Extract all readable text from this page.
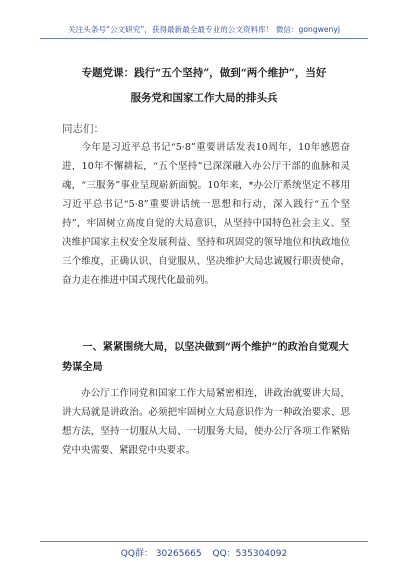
关注头条号“公文研究”，获得最新最全最专业的公文资料库！ 微信：gongwenyj
专题党课：践行“五个坚持”，做到“两个维护”，当好
服务党和国家工作大局的排头兵
同志们：
今年是习近平总书记“5·8”重要讲话发表10周年，10年感恩奋进，10年不懈耕耘，“五个坚持”已深深融入办公厅干部的血脉和灵魂，“三服务”事业呈现崭新面貌。10年来，*办公厅系统坚定不移用习近平总书记“5·8”重要讲话统一思想和行动，深入践行“五个坚持”，牢固树立高度自觉的大局意识，从坚持中国特色社会主义、坚决维护国家主权安全发展利益、坚持和巩固党的领导地位和执政地位三个维度，正确认识、自觉服从、坚决维护大局忠诚履行职责使命，奋力走在推进中国式现代化最前列。
一、紧紧围绕大局，以坚决做到“两个维护”的政治自觉观大势谋全局
办公厅工作同党和国家工作大局紧密相连，讲政治就要讲大局，讲大局就是讲政治。必须把牢固树立大局意识作为一种政治要求、思想方法，坚持一切服从大局、一切服务大局，使办公厅各项工作紧贴党中央需要、紧跟党中央要求。
QQ群： 30265665 QQ：535304092
